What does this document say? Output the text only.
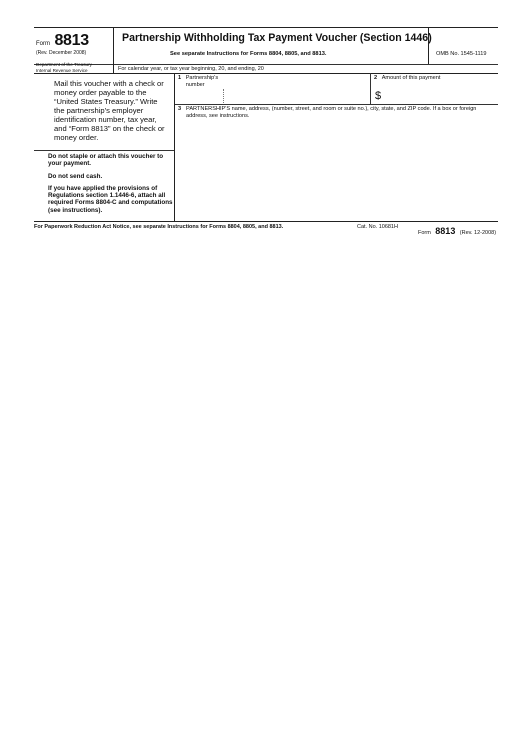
Form 8813
(Rev. December 2008)
Department of the Treasury
Internal Revenue Service
Partnership Withholding Tax Payment Voucher (Section 1446)
See separate Instructions for Forms 8804, 8805, and 8813.	OMB No. 1545-1119
For calendar year, or tax year beginning, 20, and ending, 20
Mail this voucher with a check or money order payable to the “United States Treasury.” Write the partnership's employer identification number, tax year, and “Form 8813” on the check or money order.
Do not staple or attach this voucher to your payment.
Do not send cash.
If you have applied the provisions of Regulations section 1.1446-6, attach all required Forms 8804-C and computations (see instructions).
1 Partnership's number
2 Amount of this payment
$
3 PARTNERSHIP'S name, address, (number, street, and room or suite no.), city, state, and ZIP code. If a box or foreign address, see instructions.
For Paperwork Reduction Act Notice, see separate Instructions for Forms 8804, 8805, and 8813.	Cat. No. 10681H
Form 8813 (Rev. 12-2008)
